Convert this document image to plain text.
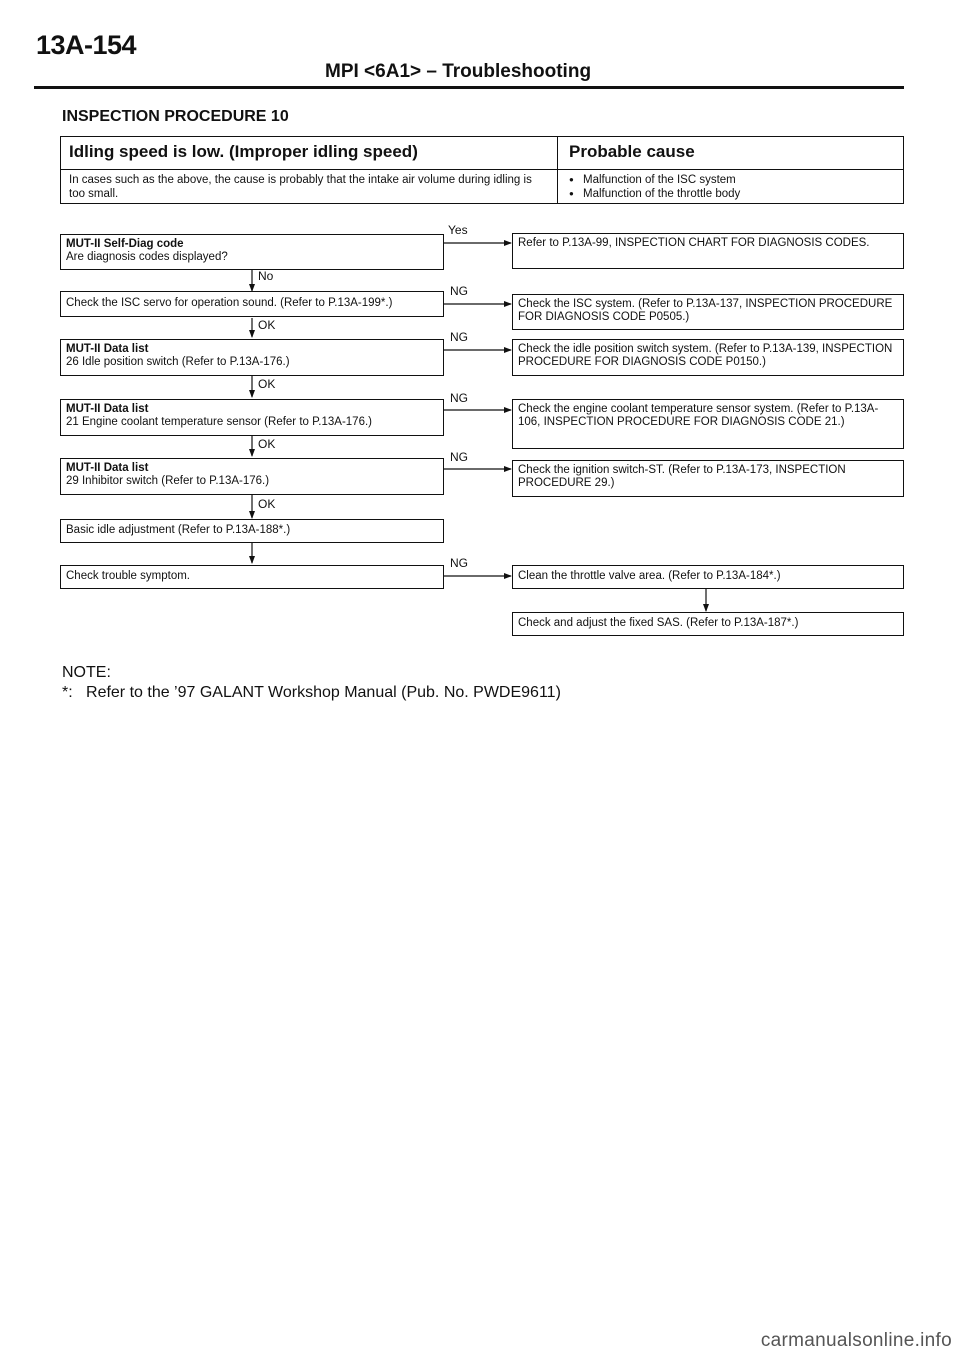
13A-154
MPI <6A1> – Troubleshooting
INSPECTION PROCEDURE 10
Idling speed is low. (Improper idling speed)	Probable cause
In cases such as the above, the cause is probably that the intake air volume during idling is too small.
● Malfunction of the ISC system
● Malfunction of the throttle body
MUT-II Self-Diag code
Are diagnosis codes displayed?
Check the ISC servo for operation sound. (Refer to P.13A-199*.)
MUT-II Data list
26 Idle position switch (Refer to P.13A-176.)
MUT-II Data list
21 Engine coolant temperature sensor (Refer to P.13A-176.)
MUT-II Data list
29 Inhibitor switch (Refer to P.13A-176.)
Basic idle adjustment (Refer to P.13A-188*.)
Check trouble symptom.
Refer to P.13A-99, INSPECTION CHART FOR DIAGNOSIS CODES.
Check the ISC system. (Refer to P.13A-137, INSPECTION PROCEDURE FOR DIAGNOSIS CODE P0505.)
Check the idle position switch system. (Refer to P.13A-139, INSPECTION PROCEDURE FOR DIAGNOSIS CODE P0150.)
Check the engine coolant temperature sensor system. (Refer to P.13A-106, INSPECTION PROCEDURE FOR DIAGNOSIS CODE 21.)
Check the ignition switch-ST. (Refer to P.13A-173, INSPECTION PROCEDURE 29.)
Clean the throttle valve area. (Refer to P.13A-184*.)
Check and adjust the fixed SAS. (Refer to P.13A-187*.)
Yes
NG
NG
NG
NG
NG
No
OK
OK
OK
OK
NOTE:
*:   Refer to the ’97 GALANT Workshop Manual (Pub. No. PWDE9611)
carmanualsonline.info
